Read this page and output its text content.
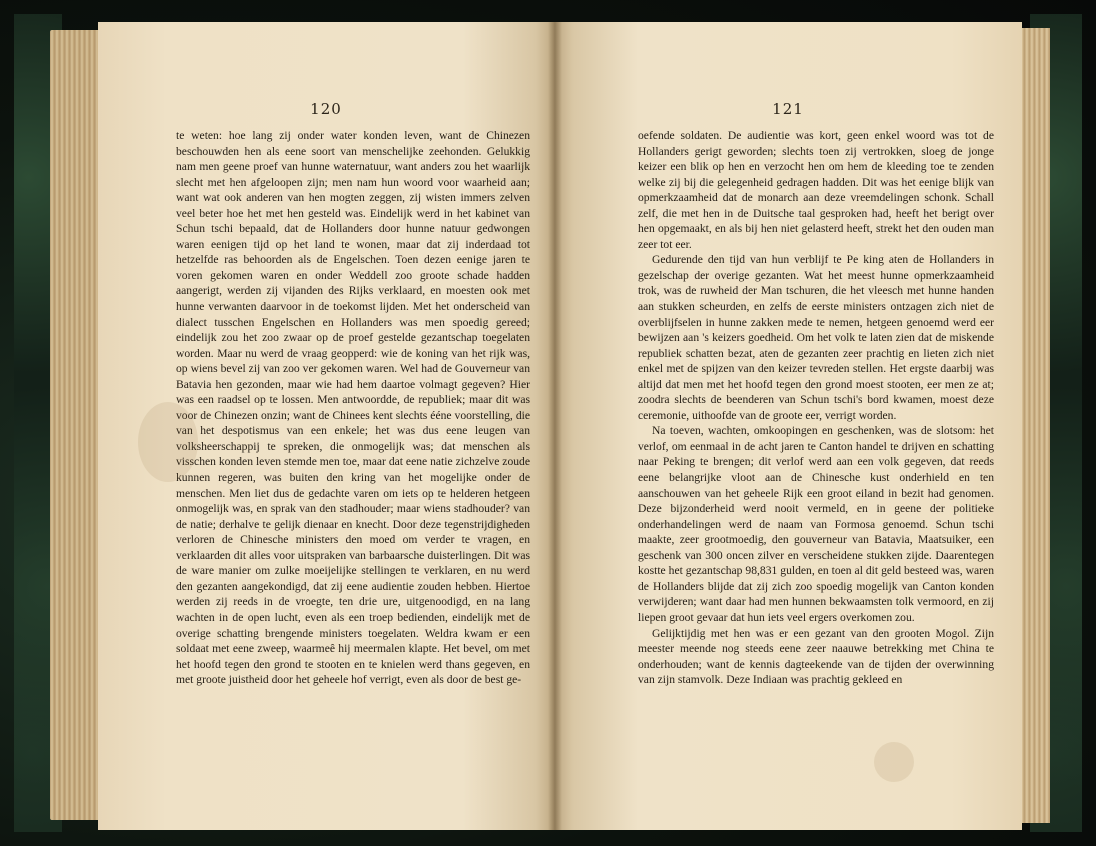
120

te weten: hoe lang zij onder water konden leven, want de Chinezen beschouwden hen als eene soort van menschelijke zeehonden. Gelukkig nam men geene proef van hunne waternatuur, want anders zou het waarlijk slecht met hen afgeloopen zijn; men nam hun woord voor waarheid aan; want wat ook anderen van hen mogten zeggen, zij wisten immers zelven veel beter hoe het met hen gesteld was. Eindelijk werd in het kabinet van Schun tschi bepaald, dat de Hollanders door hunne natuur gedwongen waren eenigen tijd op het land te wonen, maar dat zij inderdaad tot hetzelfde ras behoorden als de Engelschen. Toen dezen eenige jaren te voren gekomen waren en onder Weddell zoo groote schade hadden aangerigt, werden zij vijanden des Rijks verklaard, en moesten ook met hunne verwanten daarvoor in de toekomst lijden. Met het onderscheid van dialect tusschen Engelschen en Hollanders was men spoedig gereed; eindelijk zou het zoo zwaar op de proef gestelde gezantschap toegelaten worden. Maar nu werd de vraag geopperd: wie de koning van het rijk was, op wiens bevel zij van zoo ver gekomen waren. Wel had de Gouverneur van Batavia hen gezonden, maar wie had hem daartoe volmagt gegeven? Hier was een raadsel op te lossen. Men antwoordde, de republiek; maar dit was voor de Chinezen onzin; want de Chinees kent slechts ééne voorstelling, die van het despotismus van een enkele; het was dus eene leugen van volksheerschappij te spreken, die onmogelijk was; dat menschen als visschen konden leven stemde men toe, maar dat eene natie zichzelve zoude kunnen regeren, was buiten den kring van het mogelijke onder de menschen. Men liet dus de gedachte varen om iets op te helderen hetgeen onmogelijk was, en sprak van den stadhouder; maar wiens stadhouder? van de natie; derhalve te gelijk dienaar en knecht. Door deze tegenstrijdigheden verloren de Chinesche ministers den moed om verder te vragen, en verklaarden dit alles voor uitspraken van barbaarsche duisterlingen. Dit was de ware manier om zulke moeijelijke stellingen te verklaren, en nu werd den gezanten aangekondigd, dat zij eene audientie zouden hebben. Hiertoe werden zij reeds in de vroegte, ten drie ure, uitgenoodigd, en na lang wachten in de open lucht, even als een troep bedienden, eindelijk met de overige schatting brengende ministers toegelaten. Weldra kwam er een soldaat met eene zweep, waarmeê hij meermalen klapte. Het bevel, om met het hoofd tegen den grond te stooten en te knielen werd thans gegeven, en met groote juistheid door het geheele hof verrigt, even als door de best ge-

121

oefende soldaten. De audientie was kort, geen enkel woord was tot de Hollanders gerigt geworden; slechts toen zij vertrokken, sloeg de jonge keizer een blik op hen en verzocht hen om hem de kleeding toe te zenden welke zij bij die gelegenheid gedragen hadden. Dit was het eenige blijk van opmerkzaamheid dat de monarch aan deze vreemdelingen schonk. Schall zelf, die met hen in de Duitsche taal gesproken had, heeft het berigt over hen opgemaakt, en als bij hen niet gelasterd heeft, strekt het den ouden man zeer tot eer.

Gedurende den tijd van hun verblijf te Pe king aten de Hollanders in gezelschap der overige gezanten. Wat het meest hunne opmerkzaamheid trok, was de ruwheid der Man tschuren, die het vleesch met hunne handen aan stukken scheurden, en zelfs de eerste ministers ontzagen zich niet de overblijfselen in hunne zakken mede te nemen, hetgeen genoemd werd eer bewijzen aan 's keizers goedheid. Om het volk te laten zien dat de miskende republiek schatten bezat, aten de gezanten zeer prachtig en lieten zich niet enkel met de spijzen van den keizer tevreden stellen. Het ergste daarbij was altijd dat men met het hoofd tegen den grond moest stooten, eer men ze at; zoodra slechts de beenderen van Schun tschi's bord kwamen, moest deze ceremonie, uithoofde van de groote eer, verrigt worden.

Na toeven, wachten, omkoopingen en geschenken, was de slotsom: het verlof, om eenmaal in de acht jaren te Canton handel te drijven en schatting naar Peking te brengen; dit verlof werd aan een volk gegeven, dat reeds eene belangrijke vloot aan de Chinesche kust onderhield en ten aanschouwen van het geheele Rijk een groot eiland in bezit had genomen. Deze bijzonderheid werd nooit vermeld, en in geene der politieke onderhandelingen werd de naam van Formosa genoemd. Schun tschi maakte, zeer grootmoedig, den gouverneur van Batavia, Maatsuiker, een geschenk van 300 oncen zilver en verscheidene stukken zijde. Daarentegen kostte het gezantschap 98,831 gulden, en toen al dit geld besteed was, waren de Hollanders blijde dat zij zich zoo spoedig mogelijk van Canton konden verwijderen; want daar had men hunnen bekwaamsten tolk vermoord, en zij liepen groot gevaar dat hun iets veel ergers overkomen zou.

Gelijktijdig met hen was er een gezant van den grooten Mogol. Zijn meester meende nog steeds eene zeer naauwe betrekking met China te onderhouden; want de kennis dagteekende van de tijden der overwinning van zijn stamvolk. Deze Indiaan was prachtig gekleed en
